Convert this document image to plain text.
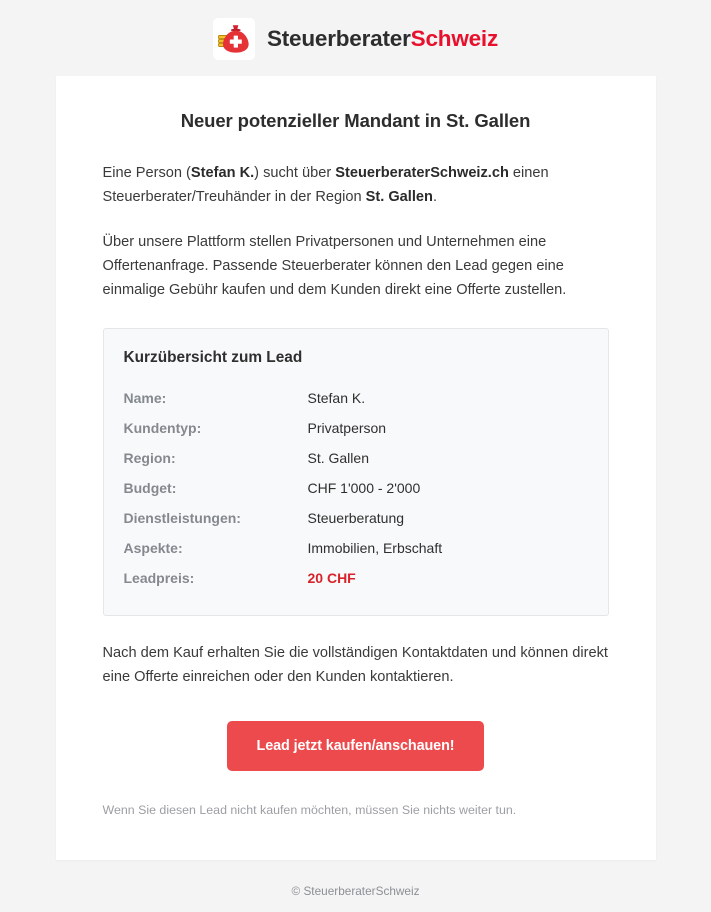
SteuerberaterSchweiz
Neuer potenzieller Mandant in St. Gallen

Eine Person (Stefan K.) sucht über SteuerberaterSchweiz.ch einen Steuerberater/Treuhänder in der Region St. Gallen.

Über unsere Plattform stellen Privatpersonen und Unternehmen eine Offertenanfrage. Passende Steuerberater können den Lead gegen eine einmalige Gebühr kaufen und dem Kunden direkt eine Offerte zustellen.

Kurzübersicht zum Lead
Name:	Stefan K.
Kundentyp:	Privatperson
Region:	St. Gallen
Budget:	CHF 1'000 - 2'000
Dienstleistungen:	Steuerberatung
Aspekte:	Immobilien, Erbschaft
Leadpreis:	20 CHF

Nach dem Kauf erhalten Sie die vollständigen Kontaktdaten und können direkt eine Offerte einreichen oder den Kunden kontaktieren.

Lead jetzt kaufen/anschauen!

Wenn Sie diesen Lead nicht kaufen möchten, müssen Sie nichts weiter tun.

© SteuerberaterSchweiz
